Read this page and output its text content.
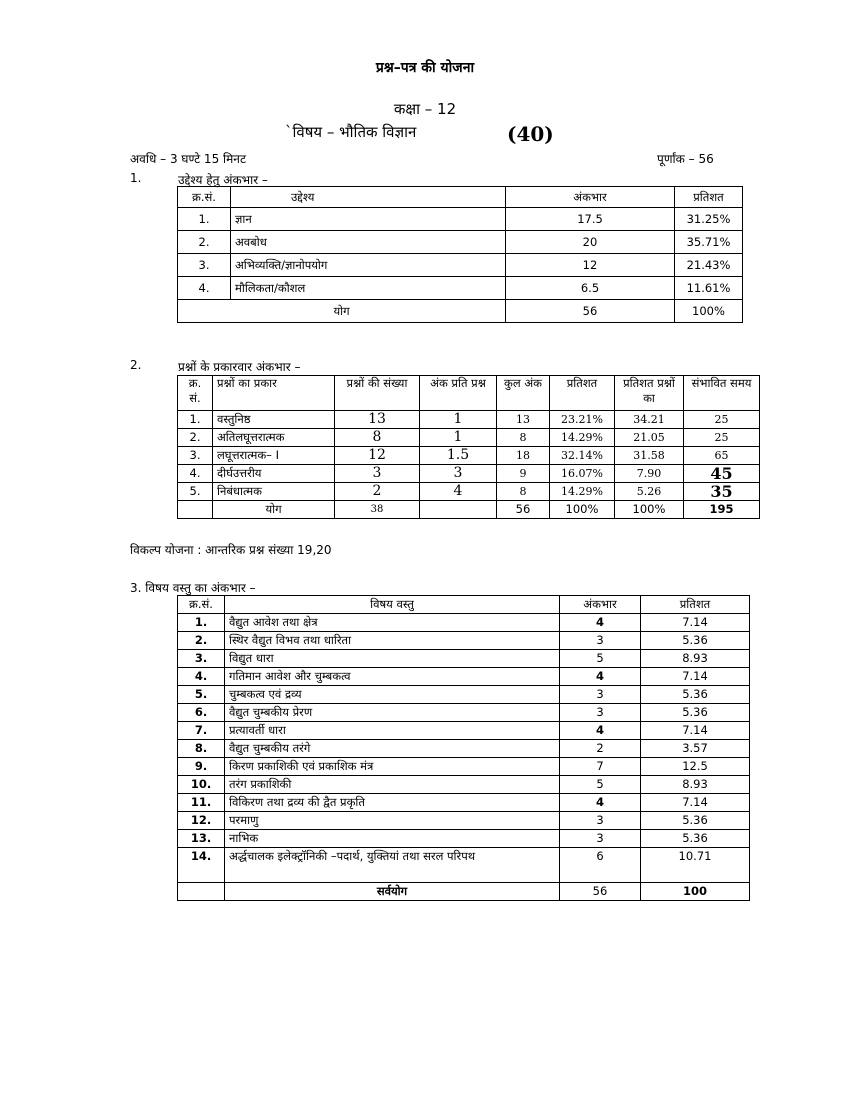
प्रश्न–पत्र की योजना
कक्षा – 12
`विषय – भौतिक विज्ञान	(40)
अवधि – 3 घण्टे 15 मिनट	पूर्णांक – 56
1.	उद्देश्य हेतु अंकभार –
क्र.सं.	उद्देश्य	अंकभार	प्रतिशत
1.	ज्ञान	17.5	31.25%
2.	अवबोध	20	35.71%
3.	अभिव्यक्ति/ज्ञानोपयोग	12	21.43%
4.	मौलिकता/कौशल	6.5	11.61%
योग		56	100%
2.	प्रश्नों के प्रकारवार अंकभार –
क्र. सं.	प्रश्नों का प्रकार	प्रश्नों की संख्या	अंक प्रति प्रश्न	कुल अंक	प्रतिशत	प्रतिशत प्रश्नों का	संभावित समय
1.	वस्तुनिष्ठ	13	1	13	23.21%	34.21	25
2.	अतिलघूत्तरात्मक	8	1	8	14.29%	21.05	25
3.	लघूत्तरात्मक– I	12	1.5	18	32.14%	31.58	65
4.	दीर्घउत्तरीय	3	3	9	16.07%	7.90	45
5.	निबंधात्मक	2	4	8	14.29%	5.26	35
	योग	38		56	100%	100%	195
विकल्प योजना : आन्तरिक प्रश्न संख्या 19,20
3. विषय वस्तु का अंकभार –
क्र.सं.	विषय वस्तु	अंकभार	प्रतिशत
1.	वैद्युत आवेश तथा क्षेत्र	4	7.14
2.	स्थिर वैद्युत विभव तथा धारिता	3	5.36
3.	विद्युत धारा	5	8.93
4.	गतिमान आवेश और चुम्बकत्व	4	7.14
5.	चुम्बकत्व एवं द्रव्य	3	5.36
6.	वैद्युत चुम्बकीय प्रेरण	3	5.36
7.	प्रत्यावर्ती धारा	4	7.14
8.	वैद्युत चुम्बकीय तरंगे	2	3.57
9.	किरण प्रकाशिकी एवं प्रकाशिक मंत्र	7	12.5
10.	तरंग प्रकाशिकी	5	8.93
11.	विकिरण तथा द्रव्य की द्वैत प्रकृति	4	7.14
12.	परमाणु	3	5.36
13.	नाभिक	3	5.36
14.	अर्द्धचालक इलेक्ट्रॉनिकी –पदार्थ, युक्तियां तथा सरल परिपथ	6	10.71
	सर्वयोग	56	100
